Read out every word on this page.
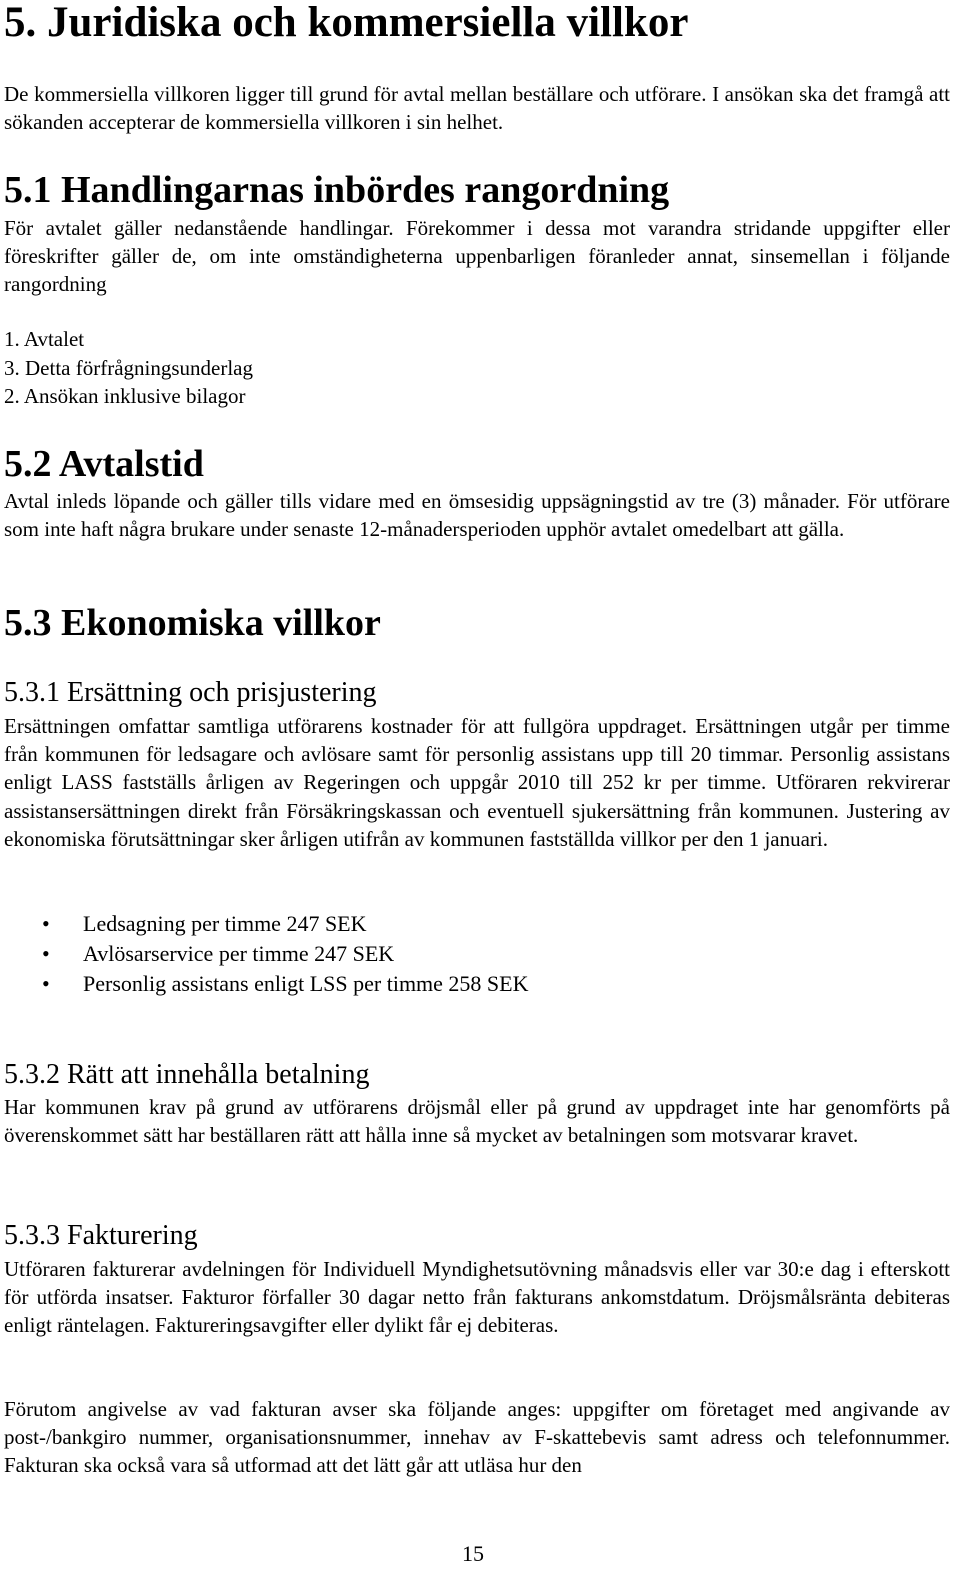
5. Juridiska och kommersiella villkor

De kommersiella villkoren ligger till grund för avtal mellan beställare och utförare. I ansökan ska det framgå att sökanden accepterar de kommersiella villkoren i sin helhet.

5.1 Handlingarnas inbördes rangordning

För avtalet gäller nedanstående handlingar. Förekommer i dessa mot varandra stridande uppgifter eller föreskrifter gäller de, om inte omständigheterna uppenbarligen föranleder annat, sinsemellan i följande rangordning

1. Avtalet
3. Detta förfrågningsunderlag
2. Ansökan inklusive bilagor
5.2 Avtalstid

Avtal inleds löpande och gäller tills vidare med en ömsesidig uppsägningstid av tre (3) månader. För utförare som inte haft några brukare under senaste 12-månadersperioden upphör avtalet omedelbart att gälla.

5.3 Ekonomiska villkor
5.3.1 Ersättning och prisjustering

Ersättningen omfattar samtliga utförarens kostnader för att fullgöra uppdraget. Ersättningen utgår per timme från kommunen för ledsagare och avlösare samt för personlig assistans upp till 20 timmar. Personlig assistans enligt LASS fastställs årligen av Regeringen och uppgår 2010 till 252 kr per timme. Utföraren rekvirerar assistansersättningen direkt från Försäkringskassan och eventuell sjukersättning från kommunen. Justering av ekonomiska förutsättningar sker årligen utifrån av kommunen fastställda villkor per den 1 januari.

• Ledsagning per timme 247 SEK
• Avlösarservice per timme 247 SEK
• Personlig assistans enligt LSS per timme 258 SEK
5.3.2 Rätt att innehålla betalning

Har kommunen krav på grund av utförarens dröjsmål eller på grund av uppdraget inte har genomförts på överenskommet sätt har beställaren rätt att hålla inne så mycket av betalningen som motsvarar kravet.

5.3.3 Fakturering

Utföraren fakturerar avdelningen för Individuell Myndighetsutövning månadsvis eller var 30:e dag i efterskott för utförda insatser. Fakturor förfaller 30 dagar netto från fakturans ankomstdatum. Dröjsmålsränta debiteras enligt räntelagen. Faktureringsavgifter eller dylikt får ej debiteras.

Förutom angivelse av vad fakturan avser ska följande anges: uppgifter om företaget med angivande av post-/bankgiro nummer, organisationsnummer, innehav av F-skattebevis samt adress och telefonnummer. Fakturan ska också vara så utformad att det lätt går att utläsa hur den

15
